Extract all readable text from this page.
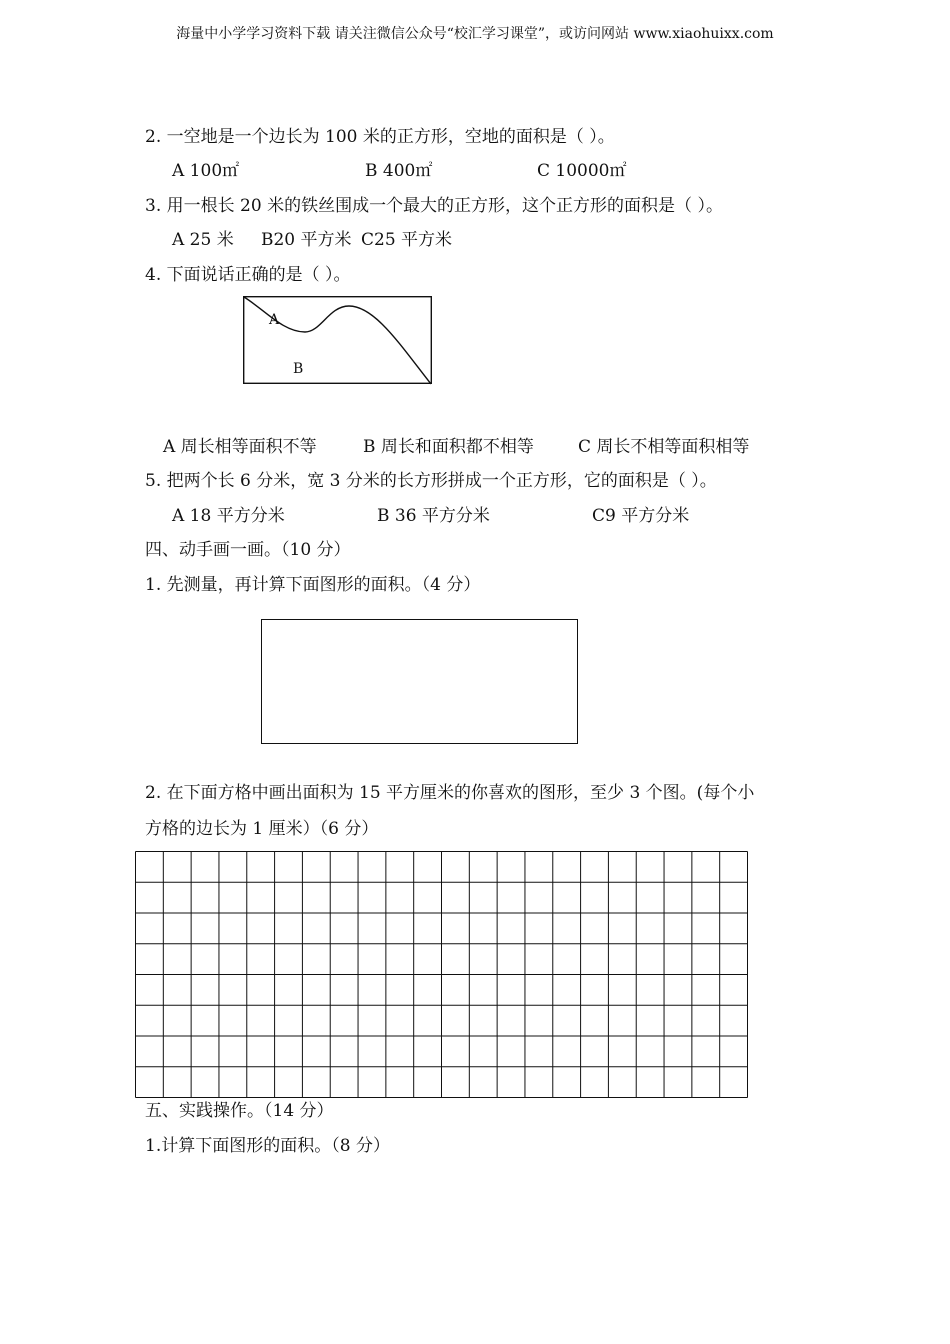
海量中小学学习资料下载 请关注微信公众号“校汇学习课堂”，或访问网站 www.xiaohuixx.com

2. 一空地是一个边长为 100 米的正方形，空地的面积是（ ）。

A 100㎡	B 400㎡	C 10000㎡

3. 用一根长 20 米的铁丝围成一个最大的正方形，这个正方形的面积是（ ）。

A 25 米 B20 平方米 C25 平方米

4. 下面说话正确的是（ ）。

A
B

A 周长相等面积不等	B 周长和面积都不相等	C 周长不相等面积相等

5. 把两个长 6 分米，宽 3 分米的长方形拼成一个正方形，它的面积是（ ）。

A 18 平方分米	B 36 平方分米	C9 平方分米

四、动手画一画。（10 分）

1. 先测量，再计算下面图形的面积。（4 分）

2. 在下面方格中画出面积为 15 平方厘米的你喜欢的图形，至少 3 个图。(每个小

方格的边长为 1 厘米）（6 分）

五、实践操作。（14 分）

1.计算下面图形的面积。（8 分）
